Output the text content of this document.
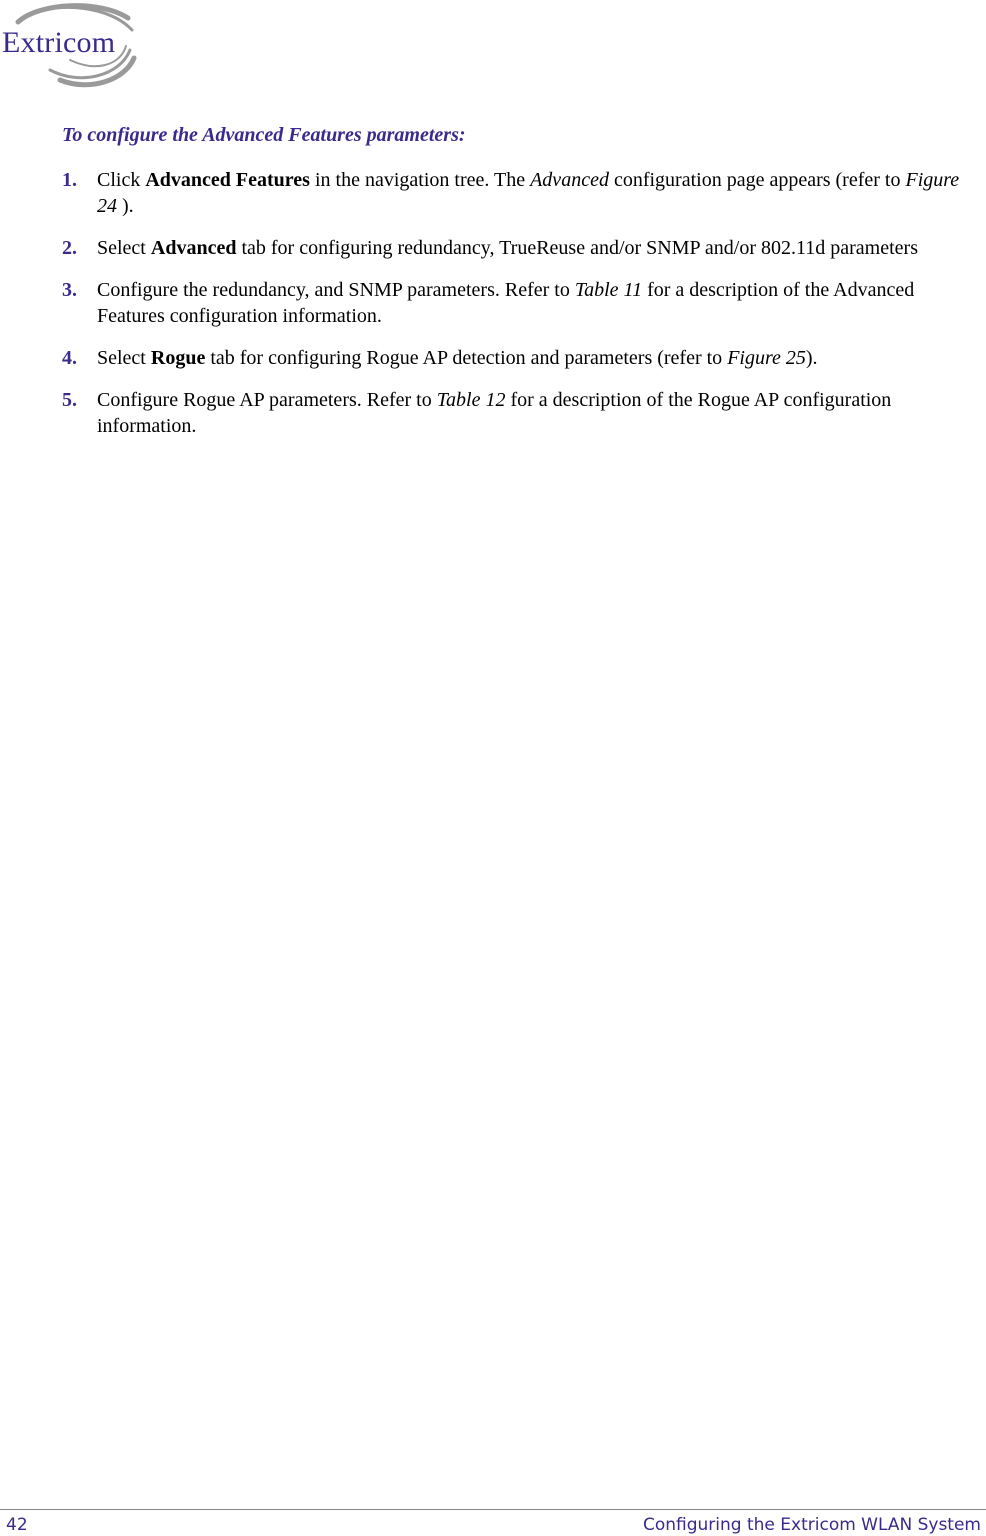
Extricom
To configure the Advanced Features parameters:
1. Click Advanced Features in the navigation tree. The Advanced configuration page appears (refer to Figure 24 ).
2. Select Advanced tab for configuring redundancy, TrueReuse and/or SNMP and/or 802.11d parameters
3. Configure the redundancy, and SNMP parameters. Refer to Table 11 for a description of the Advanced Features configuration information.
4. Select Rogue tab for configuring Rogue AP detection and parameters (refer to Figure 25).
5. Configure Rogue AP parameters. Refer to Table 12 for a description of the Rogue AP configuration information.
42	Configuring the Extricom WLAN System
